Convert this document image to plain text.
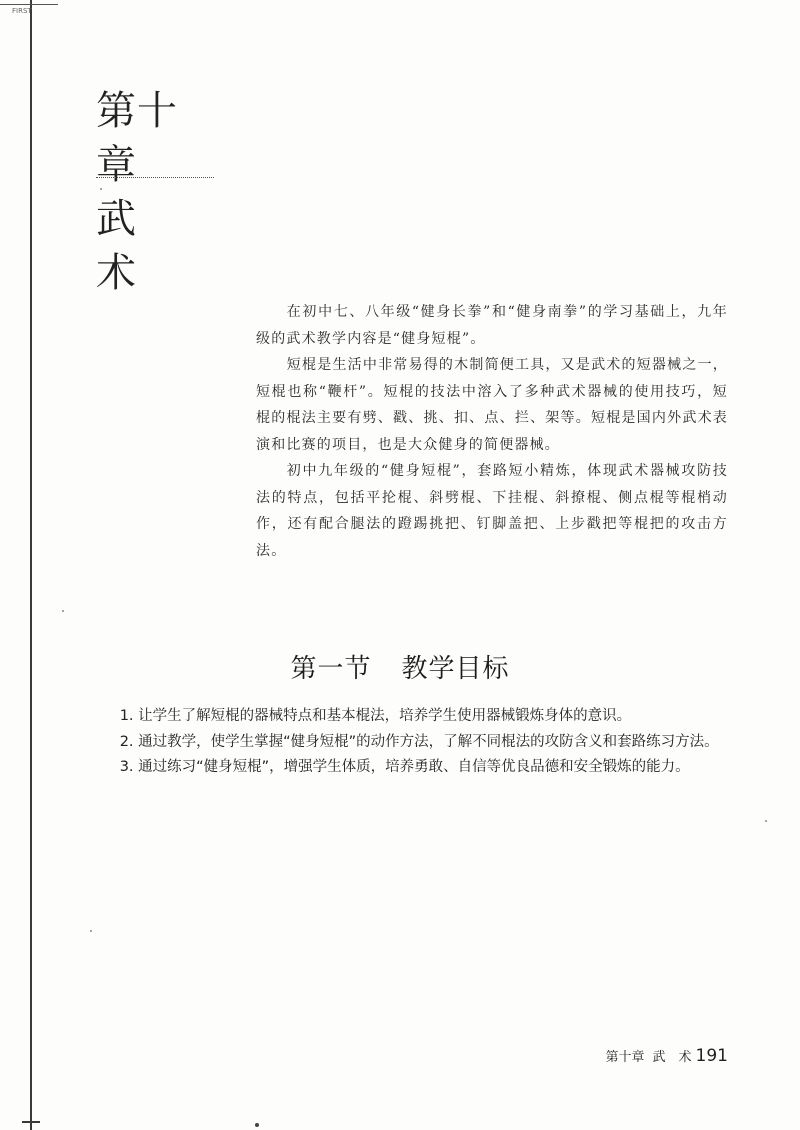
FIRST
第十章
武　术

在初中七、八年级“健身长拳”和“健身南拳”的学习基础上，九年级的武术教学内容是“健身短棍”。

短棍是生活中非常易得的木制简便工具，又是武术的短器械之一，短棍也称“鞭杆”。短棍的技法中溶入了多种武术器械的使用技巧，短棍的棍法主要有劈、戳、挑、扣、点、拦、架等。短棍是国内外武术表演和比赛的项目，也是大众健身的简便器械。

初中九年级的“健身短棍”，套路短小精炼，体现武术器械攻防技法的特点，包括平抡棍、斜劈棍、下挂棍、斜撩棍、侧点棍等棍梢动作，还有配合腿法的蹬踢挑把、钉脚盖把、上步戳把等棍把的攻击方法。

第一节 教学目标

1. 让学生了解短棍的器械特点和基本棍法，培养学生使用器械锻炼身体的意识。

2. 通过教学，使学生掌握“健身短棍”的动作方法，了解不同棍法的攻防含义和套路练习方法。

3. 通过练习“健身短棍”，增强学生体质，培养勇敢、自信等优良品德和安全锻炼的能力。

第十章 武　术 191
